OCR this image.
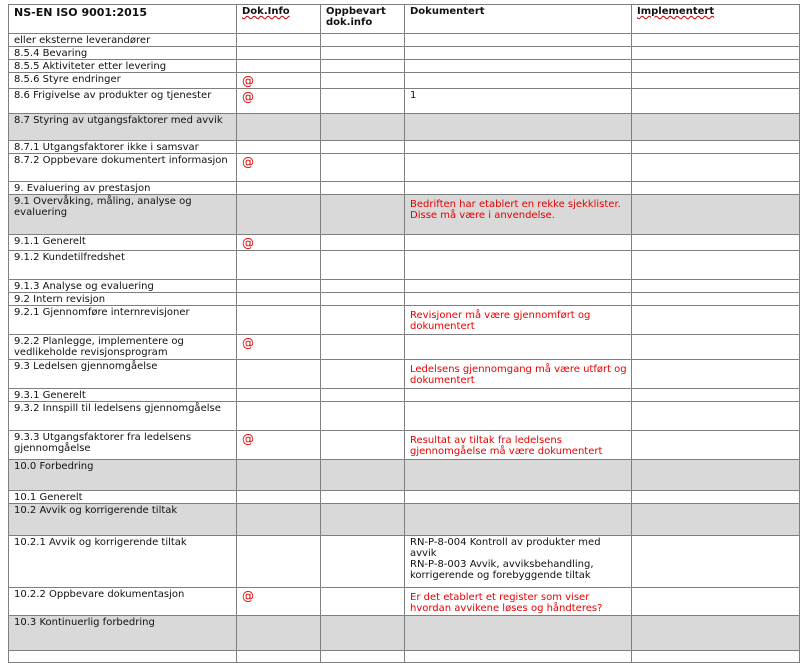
NS-EN ISO 9001:2015	Dok.Info	Oppbevart dok.info	Dokumentert	Implementert
eller eksterne leverandører				
8.5.4 Bevaring				
8.5.5 Aktiviteter etter levering				
8.5.6 Styre endringer	@			
8.6 Frigivelse av produkter og tjenester	@		1	
8.7 Styring av utgangsfaktorer med avvik				
8.7.1 Utgangsfaktorer ikke i samsvar				
8.7.2 Oppbevare dokumentert informasjon	@			
9. Evaluering av prestasjon				
9.1 Overvåking, måling, analyse og evaluering			Bedriften har etablert en rekke sjekklister. Disse må være i anvendelse.	
9.1.1 Generelt	@			
9.1.2 Kundetilfredshet				
9.1.3 Analyse og evaluering				
9.2 Intern revisjon				
9.2.1 Gjennomføre internrevisjoner			Revisjoner må være gjennomført og dokumentert	
9.2.2 Planlegge, implementere og vedlikeholde revisjonsprogram	@			
9.3 Ledelsen gjennomgåelse			Ledelsens gjennomgang må være utført og dokumentert	
9.3.1 Generelt				
9.3.2 Innspill til ledelsens gjennomgåelse				
9.3.3 Utgangsfaktorer fra ledelsens gjennomgåelse	@		Resultat av tiltak fra ledelsens gjennomgåelse må være dokumentert	
10.0 Forbedring				
10.1 Generelt				
10.2 Avvik og korrigerende tiltak				
10.2.1 Avvik og korrigerende tiltak			RN-P-8-004 Kontroll av produkter med avvik
RN-P-8-003 Avvik, avviksbehandling, korrigerende og forebyggende tiltak	
10.2.2 Oppbevare dokumentasjon	@		Er det etablert et register som viser hvordan avvikene løses og håndteres?	
10.3 Kontinuerlig forbedring				
